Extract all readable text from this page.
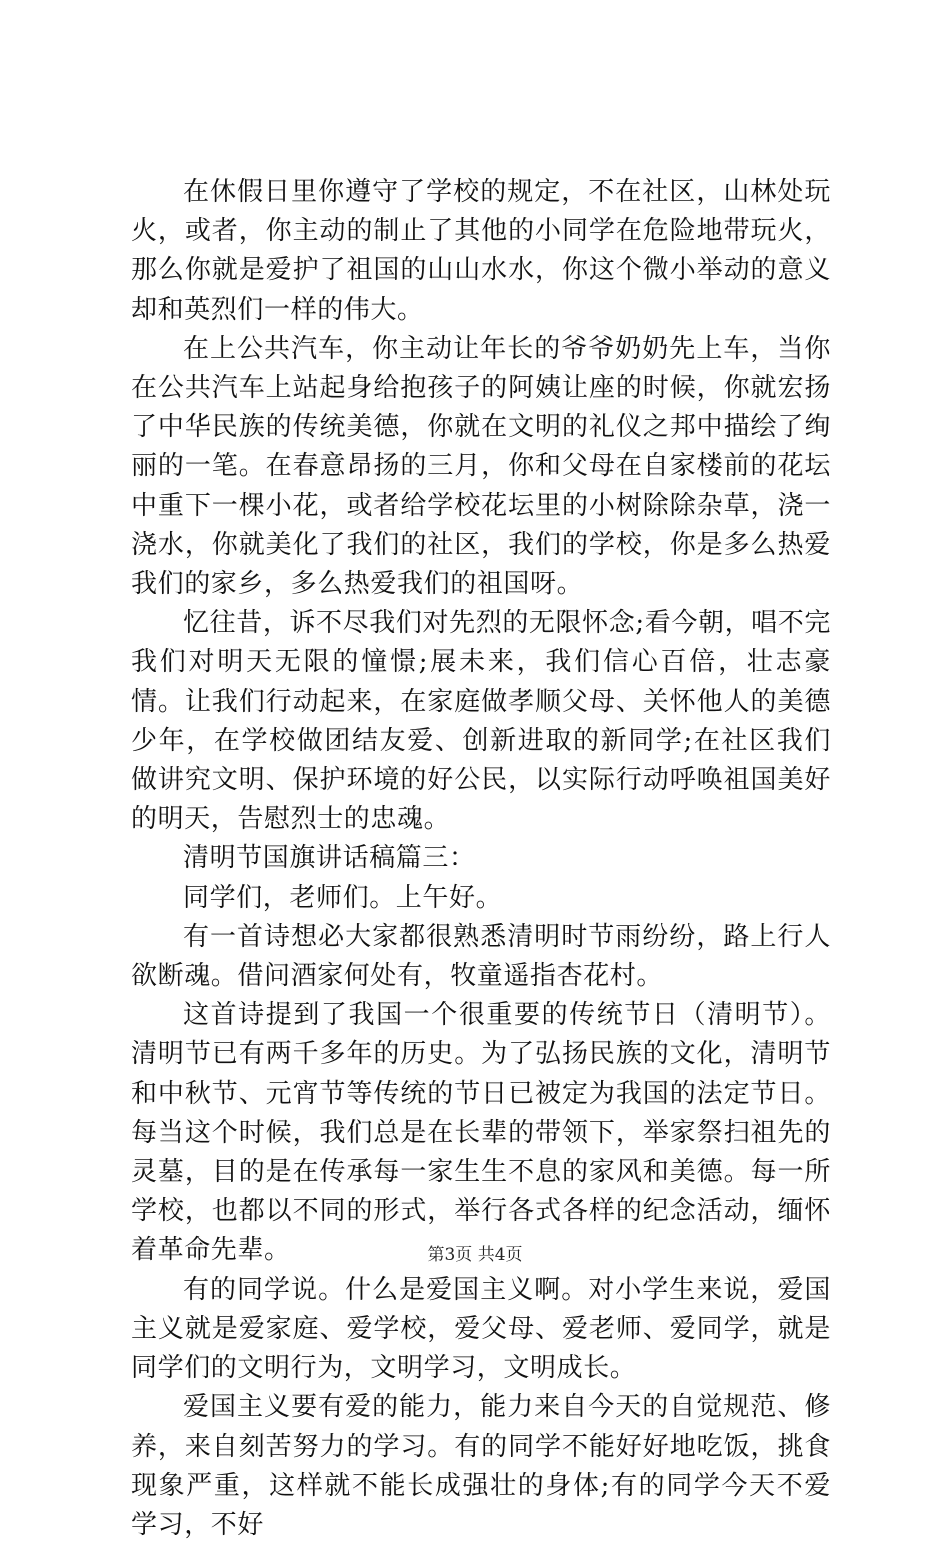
在休假日里你遵守了学校的规定，不在社区，山林处玩火，或者，你主动的制止了其他的小同学在危险地带玩火，那么你就是爱护了祖国的山山水水，你这个微小举动的意义却和英烈们一样的伟大。

在上公共汽车，你主动让年长的爷爷奶奶先上车，当你在公共汽车上站起身给抱孩子的阿姨让座的时候，你就宏扬了中华民族的传统美德，你就在文明的礼仪之邦中描绘了绚丽的一笔。在春意昂扬的三月，你和父母在自家楼前的花坛中重下一棵小花，或者给学校花坛里的小树除除杂草，浇一浇水，你就美化了我们的社区，我们的学校，你是多么热爱我们的家乡，多么热爱我们的祖国呀。

忆往昔，诉不尽我们对先烈的无限怀念;看今朝，唱不完我们对明天无限的憧憬;展未来，我们信心百倍，壮志豪情。让我们行动起来，在家庭做孝顺父母、关怀他人的美德少年，在学校做团结友爱、创新进取的新同学;在社区我们做讲究文明、保护环境的好公民，以实际行动呼唤祖国美好的明天，告慰烈士的忠魂。

清明节国旗讲话稿篇三：

同学们，老师们。上午好。

有一首诗想必大家都很熟悉清明时节雨纷纷，路上行人欲断魂。借问酒家何处有，牧童遥指杏花村。

这首诗提到了我国一个很重要的传统节日（清明节）。清明节已有两千多年的历史。为了弘扬民族的文化，清明节和中秋节、元宵节等传统的节日已被定为我国的法定节日。每当这个时候，我们总是在长辈的带领下，举家祭扫祖先的灵墓，目的是在传承每一家生生不息的家风和美德。每一所学校，也都以不同的形式，举行各式各样的纪念活动，缅怀着革命先辈。

有的同学说。什么是爱国主义啊。对小学生来说，爱国主义就是爱家庭、爱学校，爱父母、爱老师、爱同学，就是同学们的文明行为，文明学习，文明成长。

爱国主义要有爱的能力，能力来自今天的自觉规范、修养，来自刻苦努力的学习。有的同学不能好好地吃饭，挑食现象严重，这样就不能长成强壮的身体;有的同学今天不爱学习，不好

第3页 共4页
